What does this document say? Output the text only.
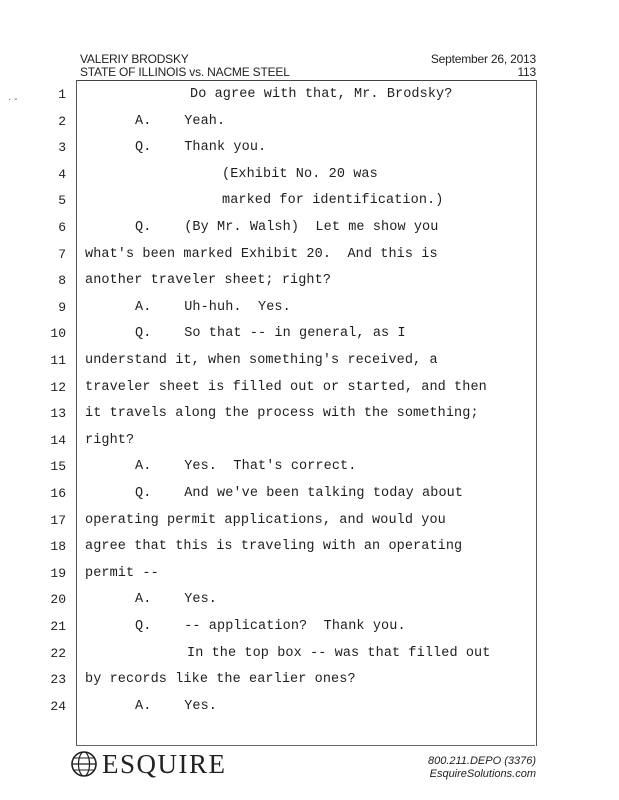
VALERIY BRODSKY
STATE OF ILLINOIS vs. NACME STEEL
September 26, 2013
113
· -	1	Do agree with that, Mr. Brodsky?
2	A.    Yeah.
3	Q.    Thank you.
4	(Exhibit No. 20 was
5	marked for identification.)
6	Q.    (By Mr. Walsh)  Let me show you
7 what's been marked Exhibit 20.  And this is
8 another traveler sheet; right?
9	A.    Uh-huh.  Yes.
10	Q.    So that -- in general, as I
11 understand it, when something's received, a
12 traveler sheet is filled out or started, and then
13 it travels along the process with the something;
14 right?
15	A.    Yes.  That's correct.
16	Q.    And we've been talking today about
17 operating permit applications, and would you
18 agree that this is traveling with an operating
19 permit --
20	A.    Yes.
21	Q.    -- application?  Thank you.
22	In the top box -- was that filled out
23 by records like the earlier ones?
24	A.    Yes.
ESQUIRE	800.211.DEPO (3376)
EsquireSolutions.com
